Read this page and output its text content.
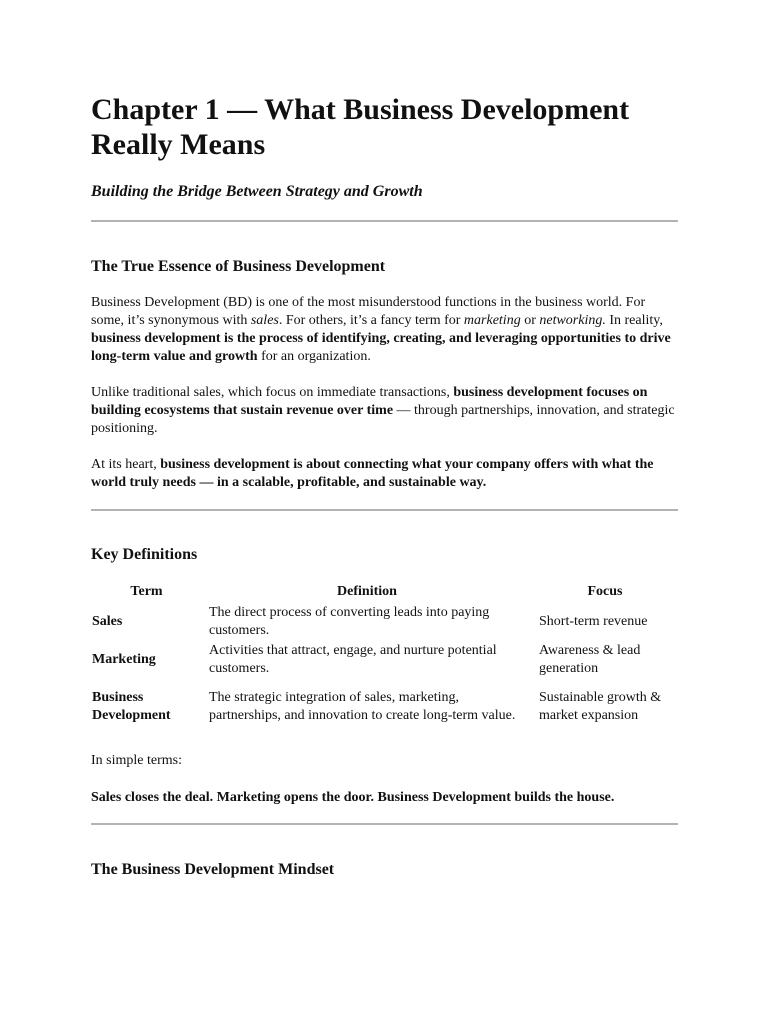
Chapter 1 — What Business Development Really Means

Building the Bridge Between Strategy and Growth

The True Essence of Business Development

Business Development (BD) is one of the most misunderstood functions in the business world. For some, it’s synonymous with sales. For others, it’s a fancy term for marketing or networking. In reality, business development is the process of identifying, creating, and leveraging opportunities to drive long-term value and growth for an organization.

Unlike traditional sales, which focus on immediate transactions, business development focuses on building ecosystems that sustain revenue over time — through partnerships, innovation, and strategic positioning.

At its heart, business development is about connecting what your company offers with what the world truly needs — in a scalable, profitable, and sustainable way.

Key Definitions
Term	Definition	Focus
Sales	The direct process of converting leads into paying customers.	Short-term revenue
Marketing	Activities that attract, engage, and nurture potential customers.	Awareness & lead generation
Business Development	The strategic integration of sales, marketing, partnerships, and innovation to create long-term value.	Sustainable growth & market expansion

In simple terms:

Sales closes the deal. Marketing opens the door. Business Development builds the house.

The Business Development Mindset
